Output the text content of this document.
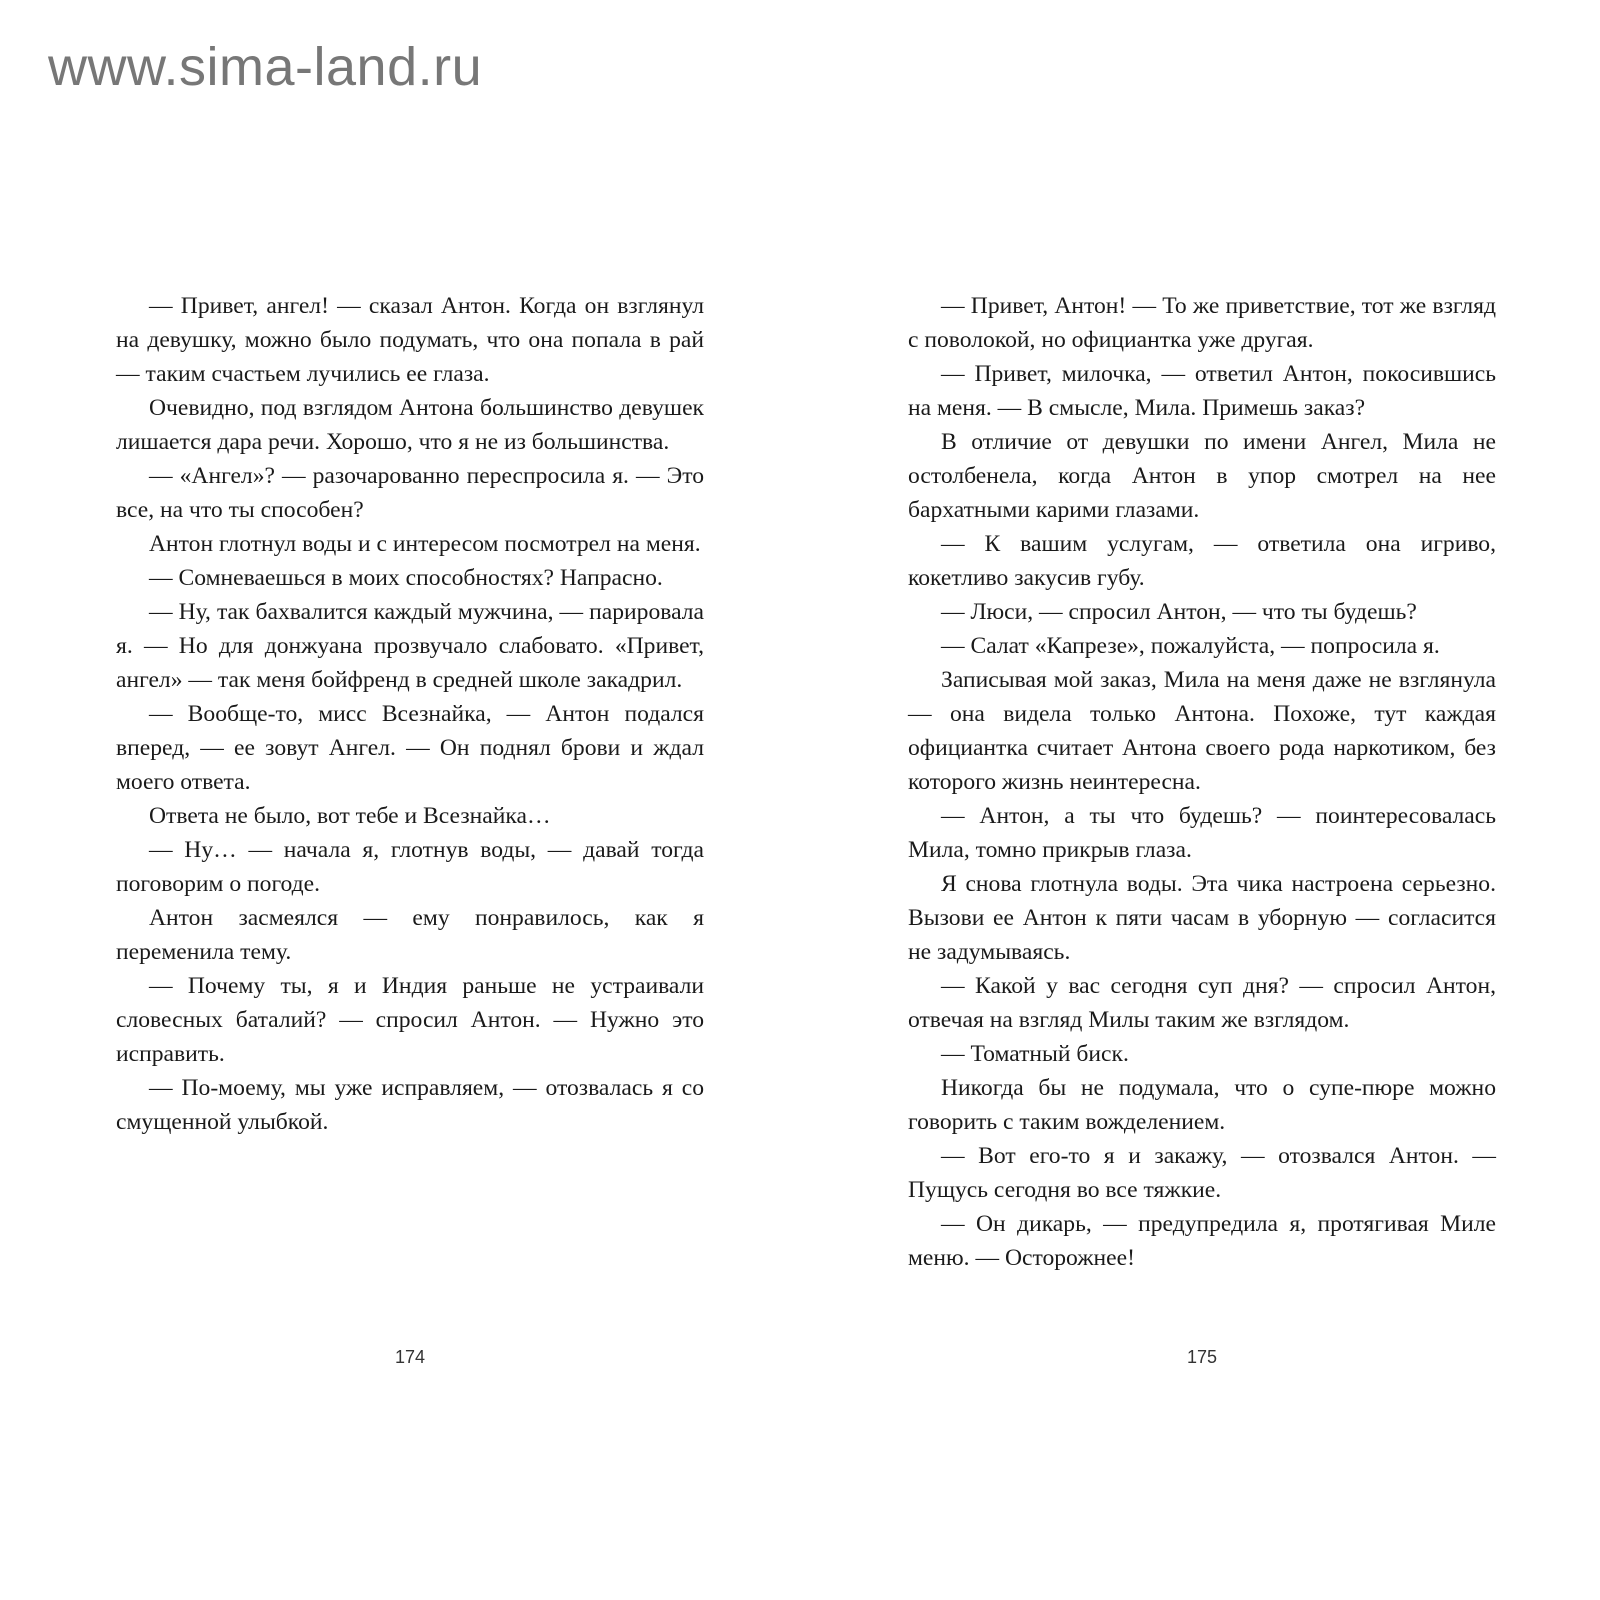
www.sima-land.ru

— Привет, ангел! — сказал Антон. Когда он взглянул на девушку, можно было подумать, что она попала в рай — таким счастьем лучились ее глаза.

Очевидно, под взглядом Антона большинство девушек лишается дара речи. Хорошо, что я не из большинства.

— «Ангел»? — разочарованно переспросила я. — Это все, на что ты способен?

Антон глотнул воды и с интересом посмотрел на меня.

— Сомневаешься в моих способностях? Напрасно.

— Ну, так бахвалится каждый мужчина, — парировала я. — Но для донжуана прозвучало слабовато. «Привет, ангел» — так меня бойфренд в средней школе закадрил.

— Вообще-то, мисс Всезнайка, — Антон подался вперед, — ее зовут Ангел. — Он поднял брови и ждал моего ответа.

Ответа не было, вот тебе и Всезнайка…

— Ну… — начала я, глотнув воды, — давай тогда поговорим о погоде.

Антон засмеялся — ему понравилось, как я переменила тему.

— Почему ты, я и Индия раньше не устраивали словесных баталий? — спросил Антон. — Нужно это исправить.

— По-моему, мы уже исправляем, — отозвалась я со смущенной улыбкой.

— Привет, Антон! — То же приветствие, тот же взгляд с поволокой, но официантка уже другая.

— Привет, милочка, — ответил Антон, покосившись на меня. — В смысле, Мила. Примешь заказ?

В отличие от девушки по имени Ангел, Мила не остолбенела, когда Антон в упор смотрел на нее бархатными карими глазами.

— К вашим услугам, — ответила она игриво, кокетливо закусив губу.

— Люси, — спросил Антон, — что ты будешь?

— Салат «Капрезе», пожалуйста, — попросила я.

Записывая мой заказ, Мила на меня даже не взглянула — она видела только Антона. Похоже, тут каждая официантка считает Антона своего рода наркотиком, без которого жизнь неинтересна.

— Антон, а ты что будешь? — поинтересовалась Мила, томно прикрыв глаза.

Я снова глотнула воды. Эта чика настроена серьезно. Вызови ее Антон к пяти часам в уборную — согласится не задумываясь.

— Какой у вас сегодня суп дня? — спросил Антон, отвечая на взгляд Милы таким же взглядом.

— Томатный биск.

Никогда бы не подумала, что о супе-пюре можно говорить с таким вожделением.

— Вот его-то я и закажу, — отозвался Антон. — Пущусь сегодня во все тяжкие.

— Он дикарь, — предупредила я, протягивая Миле меню. — Осторожнее!

174	175
